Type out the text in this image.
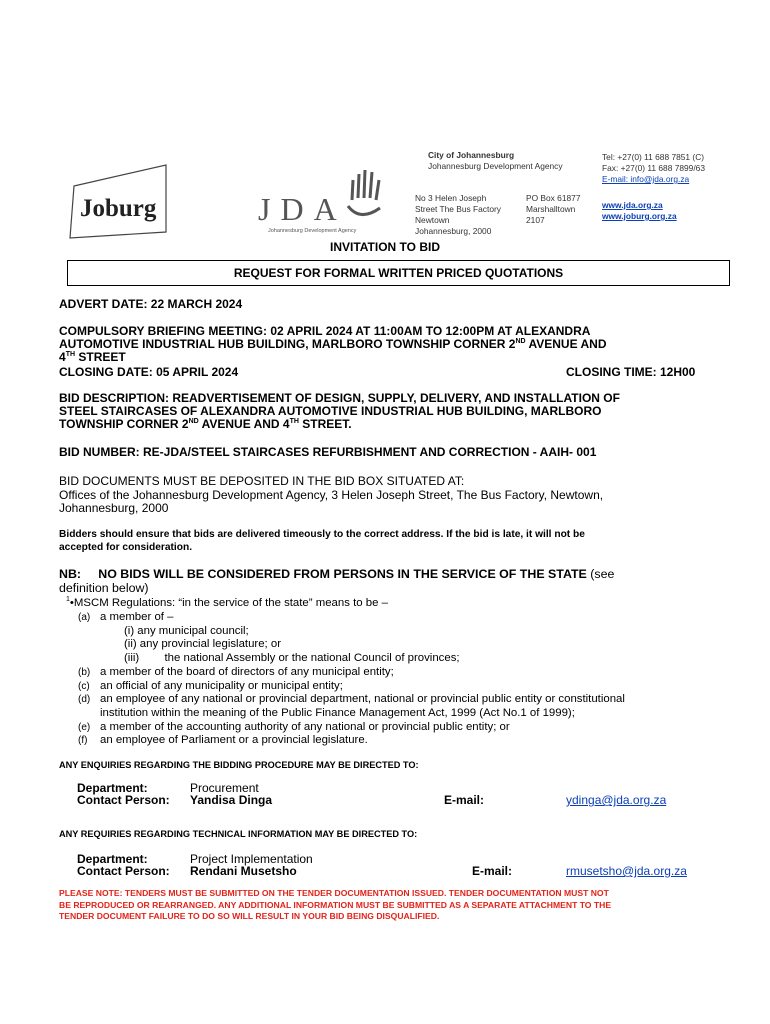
Joburg	JDA
Johannesburg Development Agency
City of Johannesburg
Johannesburg Development Agency
No 3 Helen Joseph
Street The Bus Factory
Newtown
Johannesburg, 2000
PO Box 61877
Marshalltown
2107
Tel: +27(0) 11 688 7851 (C)
Fax: +27(0) 11 688 7899/63
E-mail: info@jda.org.za
www.jda.org.za
www.joburg.org.za
INVITATION TO BID
REQUEST FOR FORMAL WRITTEN PRICED QUOTATIONS
ADVERT DATE: 22 MARCH 2024
COMPULSORY BRIEFING MEETING: 02 APRIL 2024 AT 11:00AM TO 12:00PM AT ALEXANDRA
AUTOMOTIVE INDUSTRIAL HUB BUILDING, MARLBORO TOWNSHIP CORNER 2ND AVENUE AND
4TH STREET
CLOSING DATE: 05 APRIL 2024	CLOSING TIME: 12H00
BID DESCRIPTION: READVERTISEMENT OF DESIGN, SUPPLY, DELIVERY, AND INSTALLATION OF
STEEL STAIRCASES OF ALEXANDRA AUTOMOTIVE INDUSTRIAL HUB BUILDING, MARLBORO
TOWNSHIP CORNER 2ND AVENUE AND 4TH STREET.
BID NUMBER: RE-JDA/STEEL STAIRCASES REFURBISHMENT AND CORRECTION - AAIH- 001
BID DOCUMENTS MUST BE DEPOSITED IN THE BID BOX SITUATED AT:
Offices of the Johannesburg Development Agency, 3 Helen Joseph Street, The Bus Factory, Newtown,
Johannesburg, 2000
Bidders should ensure that bids are delivered timeously to the correct address. If the bid is late, it will not be
accepted for consideration.
NB: NO BIDS WILL BE CONSIDERED FROM PERSONS IN THE SERVICE OF THE STATE (see
definition below)
$^1$•MSCM Regulations: “in the service of the state” means to be –
(a) a member of –
(i) any municipal council;
(ii) any provincial legislature; or
(iii)        the national Assembly or the national Council of provinces;
(b) a member of the board of directors of any municipal entity;
(c) an official of any municipality or municipal entity;
(d) an employee of any national or provincial department, national or provincial public entity or constitutional
institution within the meaning of the Public Finance Management Act, 1999 (Act No.1 of 1999);
(e) a member of the accounting authority of any national or provincial public entity; or
(f)	an employee of Parliament or a provincial legislature.
ANY ENQUIRIES REGARDING THE BIDDING PROCEDURE MAY BE DIRECTED TO:
Department:	Procurement
Contact Person: Yandisa Dinga	E-mail:	ydinga@jda.org.za
ANY REQUIRIES REGARDING TECHNICAL INFORMATION MAY BE DIRECTED TO:
Department:	Project Implementation
Contact Person: Rendani Musetsho	E-mail:	rmusetsho@jda.org.za
PLEASE NOTE: TENDERS MUST BE SUBMITTED ON THE TENDER DOCUMENTATION ISSUED. TENDER DOCUMENTATION MUST NOT
BE REPRODUCED OR REARRANGED. ANY ADDITIONAL INFORMATION MUST BE SUBMITTED AS A SEPARATE ATTACHMENT TO THE
TENDER DOCUMENT FAILURE TO DO SO WILL RESULT IN YOUR BID BEING DISQUALIFIED.
